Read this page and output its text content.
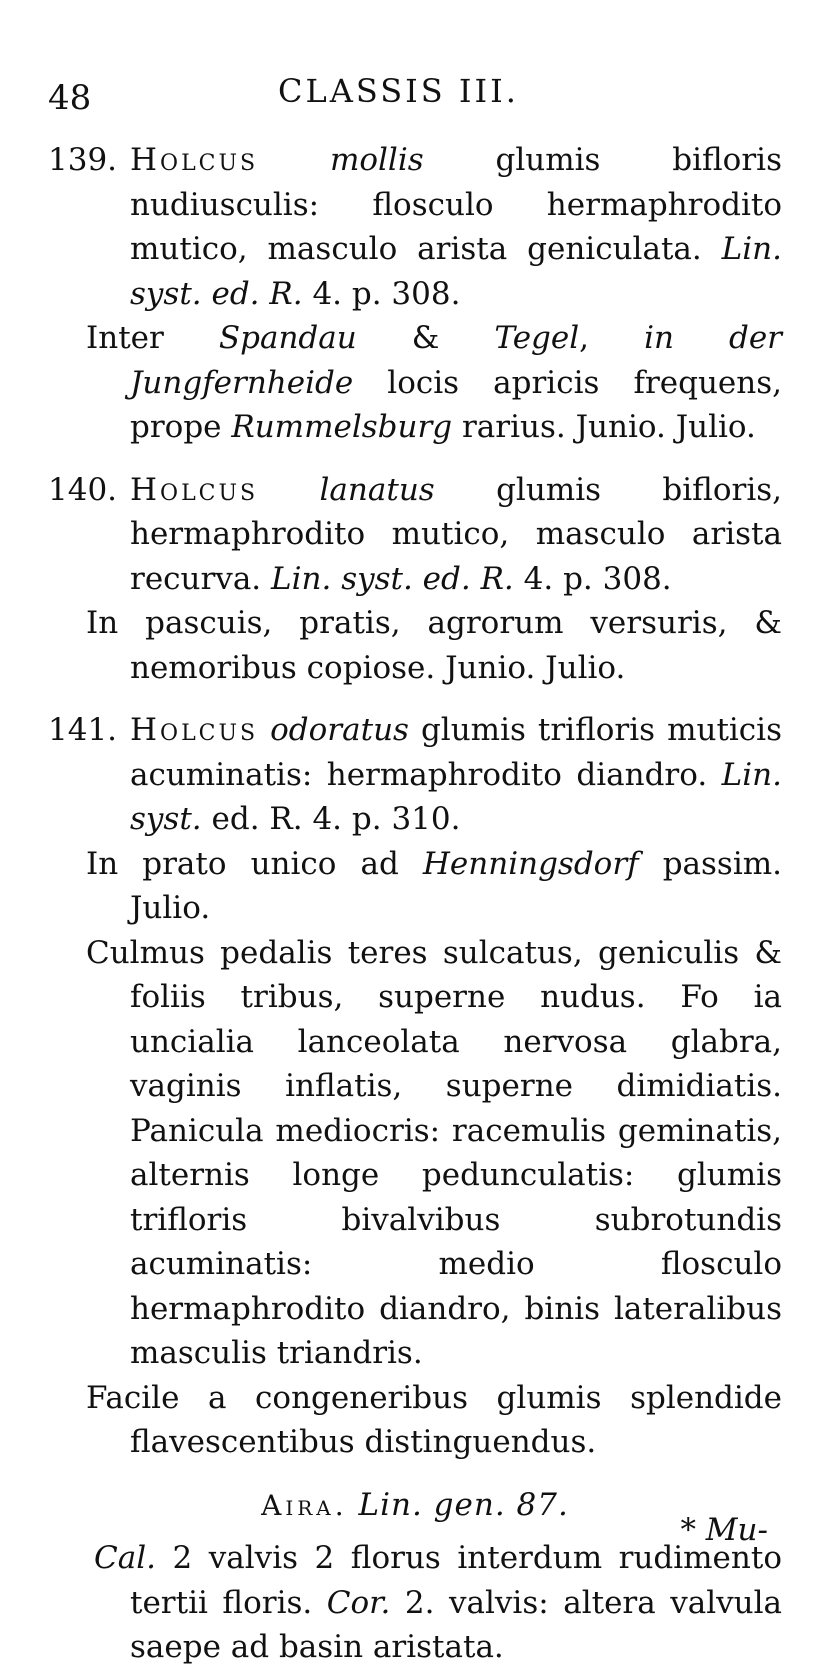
48	CLASSIS III.

139. Holcus mollis glumis bifloris nudiusculis: flosculo hermaphrodito mutico, masculo arista geniculata. Lin. syst. ed. R. 4. p. 308.

Inter Spandau & Tegel, in der Jungfernheide locis apricis frequens, prope Rummelsburg rarius. Junio. Julio.

140. Holcus lanatus glumis bifloris, hermaphrodito mutico, masculo arista recurva. Lin. syst. ed. R. 4. p. 308.

In pascuis, pratis, agrorum versuris, & nemoribus copiose. Junio. Julio.

141. Holcus odoratus glumis trifloris muticis acuminatis: hermaphrodito diandro. Lin. syst. ed. R. 4. p. 310.

In prato unico ad Henningsdorf passim. Julio.

Culmus pedalis teres sulcatus, geniculis & foliis tribus, superne nudus. Fo ia uncialia lanceolata nervosa glabra, vaginis inflatis, superne dimidiatis. Panicula mediocris: racemulis geminatis, alternis longe pedunculatis: glumis trifloris bivalvibus subrotundis acuminatis: medio flosculo hermaphrodito diandro, binis lateralibus masculis triandris.

Facile a congeneribus glumis splendide flavescentibus distinguendus.

Aira. Lin. gen. 87.

Cal. 2 valvis 2 florus interdum rudimento tertii floris. Cor. 2. valvis: altera valvula saepe ad basin aristata.

* Mu-
